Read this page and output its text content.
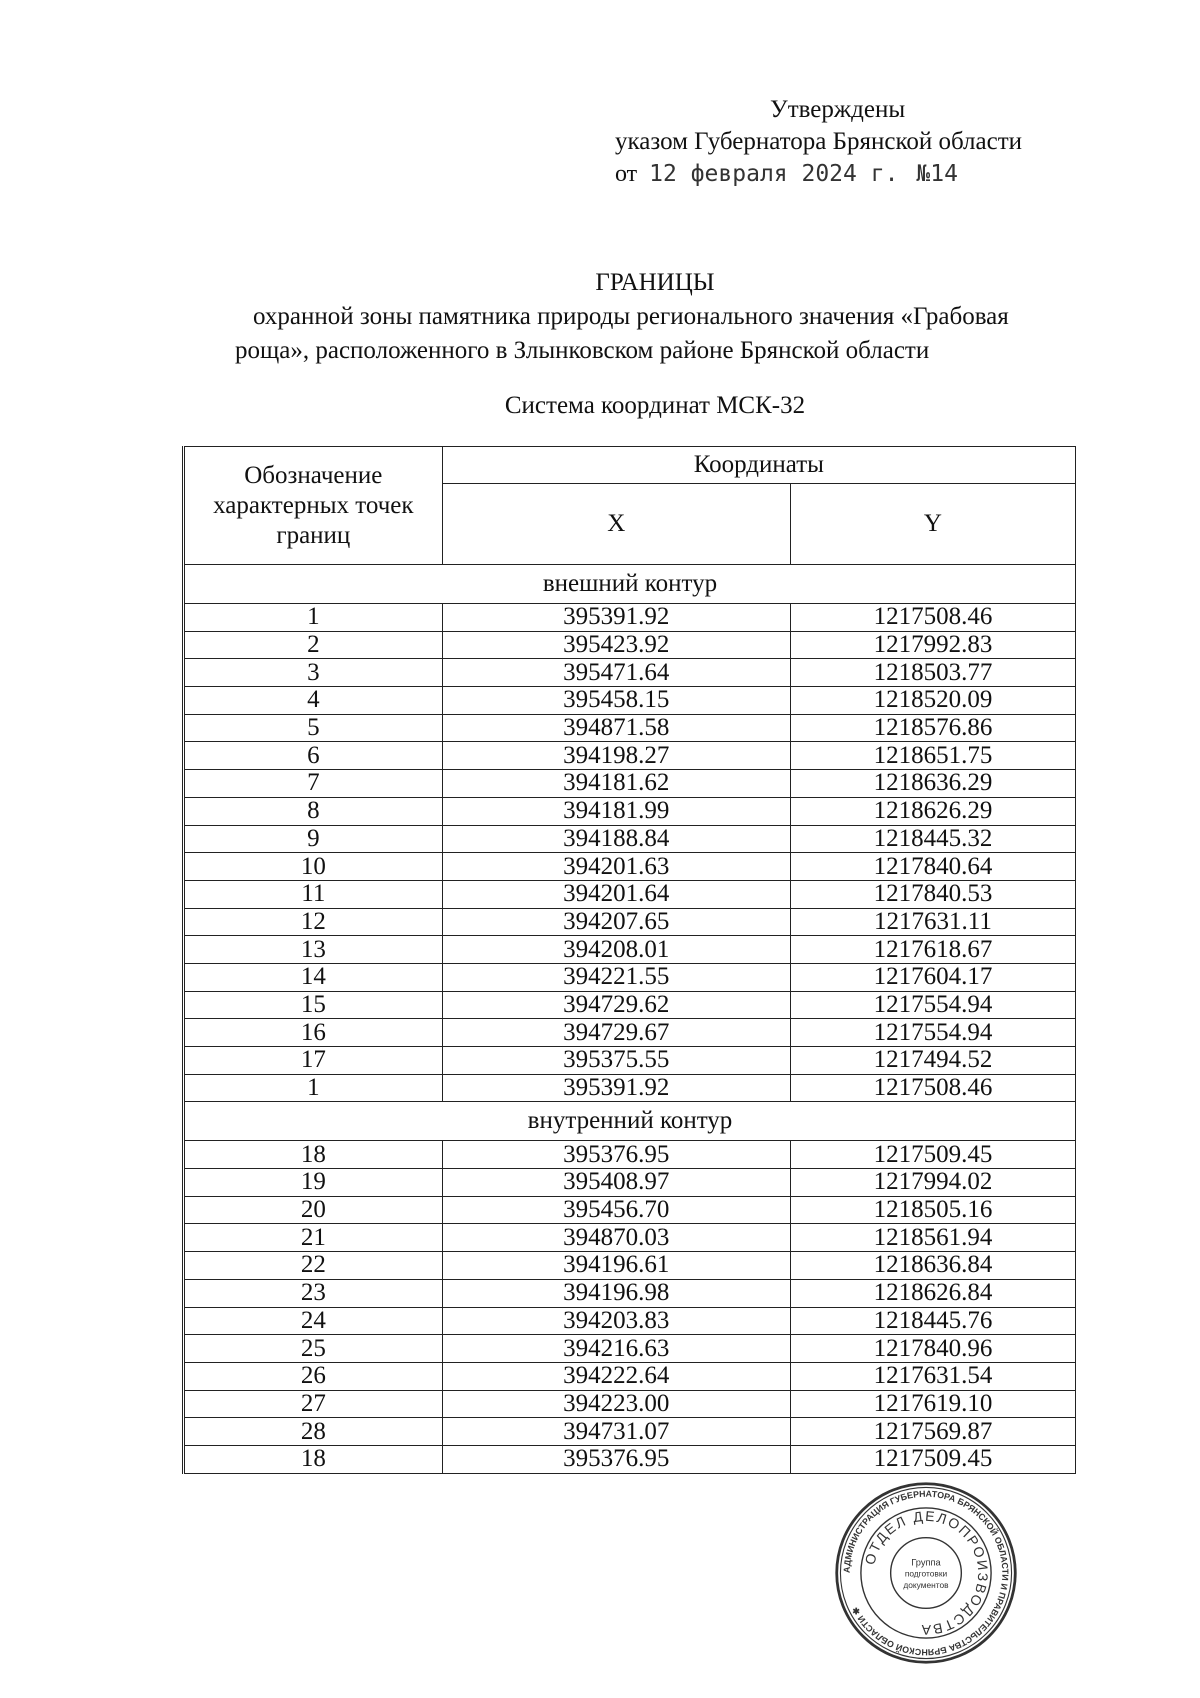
Утверждены
указом Губернатора Брянской области
от 12 февраля 2024 г. №14
ГРАНИЦЫ
охранной зоны памятника природы регионального значения «Грабовая
роща», расположенного в Злынковском районе Брянской области
Система координат МСК-32
Обозначение характерных точек границ	Координаты	
	X	Y
внешний контур		
1	395391.92	1217508.46
2	395423.92	1217992.83
3	395471.64	1218503.77
4	395458.15	1218520.09
5	394871.58	1218576.86
6	394198.27	1218651.75
7	394181.62	1218636.29
8	394181.99	1218626.29
9	394188.84	1218445.32
10	394201.63	1217840.64
11	394201.64	1217840.53
12	394207.65	1217631.11
13	394208.01	1217618.67
14	394221.55	1217604.17
15	394729.62	1217554.94
16	394729.67	1217554.94
17	395375.55	1217494.52
1	395391.92	1217508.46
внутренний контур		
18	395376.95	1217509.45
19	395408.97	1217994.02
20	395456.70	1218505.16
21	394870.03	1218561.94
22	394196.61	1218636.84
23	394196.98	1218626.84
24	394203.83	1218445.76
25	394216.63	1217840.96
26	394222.64	1217631.54
27	394223.00	1217619.10
28	394731.07	1217569.87
18	395376.95	1217509.45
АДМИНИСТРАЦИЯ ГУБЕРНАТОРА БРЯНСКОЙ ОБЛАСТИ И ПРАВИТЕЛЬСТВА БРЯНСКОЙ ОБЛАСТИ ✱
ОТДЕЛ ДЕЛОПРОИЗВОДСТВА
Группа
подготовки
документов
